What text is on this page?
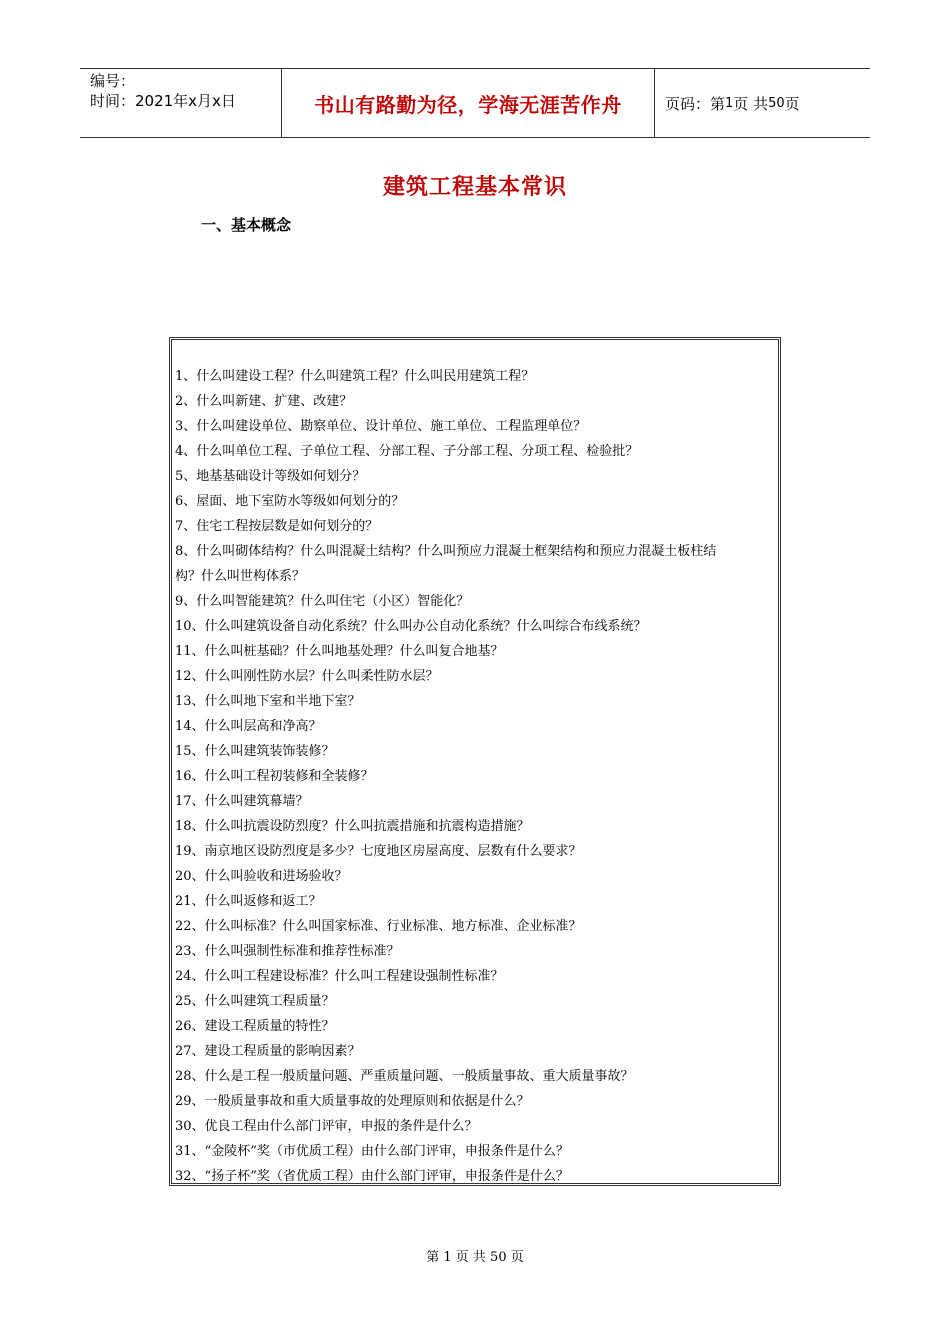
编号：
时间：2021年x月x日	书山有路勤为径，学海无涯苦作舟	页码：第 1 页 共 50 页
建筑工程基本常识
一、基本概念
1、什么叫建设工程？什么叫建筑工程？什么叫民用建筑工程？
2、什么叫新建、扩建、改建？
3、什么叫建设单位、勘察单位、设计单位、施工单位、工程监理单位？
4、什么叫单位工程、子单位工程、分部工程、子分部工程、分项工程、检验批？
5、地基基础设计等级如何划分？
6、屋面、地下室防水等级如何划分的？
7、住宅工程按层数是如何划分的？
8、什么叫砌体结构？什么叫混凝土结构？什么叫预应力混凝土框架结构和预应力混凝土板柱结
构？什么叫世构体系？
9、什么叫智能建筑？什么叫住宅（小区）智能化？
10、什么叫建筑设备自动化系统？什么叫办公自动化系统？什么叫综合布线系统？
11、什么叫桩基础？什么叫地基处理？什么叫复合地基？
12、什么叫刚性防水层？什么叫柔性防水层？
13、什么叫地下室和半地下室？
14、什么叫层高和净高？
15、什么叫建筑装饰装修？
16、什么叫工程初装修和全装修？
17、什么叫建筑幕墙？
18、什么叫抗震设防烈度？什么叫抗震措施和抗震构造措施？
19、南京地区设防烈度是多少？七度地区房屋高度、层数有什么要求？
20、什么叫验收和进场验收？
21、什么叫返修和返工？
22、什么叫标准？什么叫国家标准、行业标准、地方标准、企业标准？
23、什么叫强制性标准和推荐性标准？
24、什么叫工程建设标准？什么叫工程建设强制性标准？
25、什么叫建筑工程质量？
26、建设工程质量的特性？
27、建设工程质量的影响因素？
28、什么是工程一般质量问题、严重质量问题、一般质量事故、重大质量事故？
29、一般质量事故和重大质量事故的处理原则和依据是什么？
30、优良工程由什么部门评审，申报的条件是什么？
31、“金陵杯”奖（市优质工程）由什么部门评审，申报条件是什么？
32、“扬子杯”奖（省优质工程）由什么部门评审，申报条件是什么？
第 1 页 共 50 页
